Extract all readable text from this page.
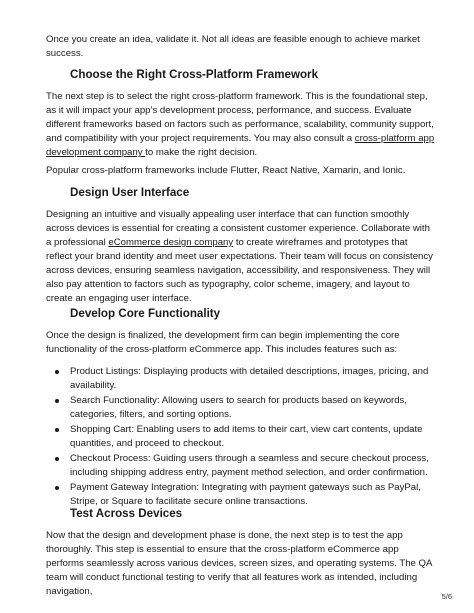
Once you create an idea, validate it. Not all ideas are feasible enough to achieve market success.

Choose the Right Cross-Platform Framework

The next step is to select the right cross-platform framework. This is the foundational step, as it will impact your app’s development process, performance, and success. Evaluate different frameworks based on factors such as performance, scalability, community support, and compatibility with your project requirements. You may also consult a cross-platform app development company to make the right decision.

Popular cross-platform frameworks include Flutter, React Native, Xamarin, and Ionic.

Design User Interface

Designing an intuitive and visually appealing user interface that can function smoothly across devices is essential for creating a consistent customer experience. Collaborate with a professional eCommerce design company to create wireframes and prototypes that reflect your brand identity and meet user expectations. Their team will focus on consistency across devices, ensuring seamless navigation, accessibility, and responsiveness. They will also pay attention to factors such as typography, color scheme, imagery, and layout to create an engaging user interface.

Develop Core Functionality

Once the design is finalized, the development firm can begin implementing the core functionality of the cross-platform eCommerce app. This includes features such as:

Product Listings: Displaying products with detailed descriptions, images, pricing, and availability.
Search Functionality: Allowing users to search for products based on keywords, categories, filters, and sorting options.
Shopping Cart: Enabling users to add items to their cart, view cart contents, update quantities, and proceed to checkout.
Checkout Process: Guiding users through a seamless and secure checkout process, including shipping address entry, payment method selection, and order confirmation.
Payment Gateway Integration: Integrating with payment gateways such as PayPal, Stripe, or Square to facilitate secure online transactions.
Test Across Devices

Now that the design and development phase is done, the next step is to test the app thoroughly. This step is essential to ensure that the cross-platform eCommerce app performs seamlessly across various devices, screen sizes, and operating systems. The QA team will conduct functional testing to verify that all features work as intended, including navigation,	5/6
